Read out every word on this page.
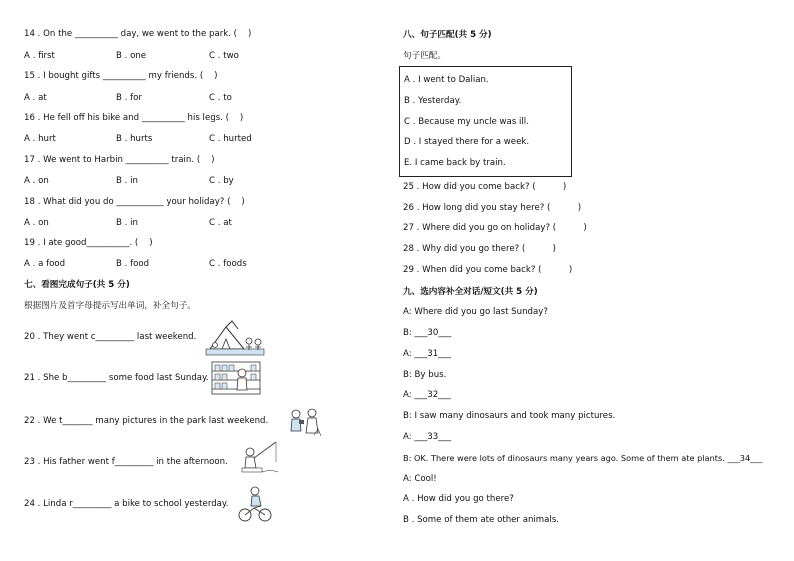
14 . On the __________ day, we went to the park. (    )
A . first	B . one	C . two
15 . I bought gifts __________ my friends. (    )
A . at	B . for	C . to
16 . He fell off his bike and __________ his legs. (    )
A . hurt	B . hurts	C . hurted
17 . We went to Harbin __________ train. (    )
A . on	B . in	C . by
18 . What did you do ___________ your holiday? (    )
A . on	B . in	C . at
19 . I ate good__________. (    )
A . a food	B . food	C . foods
七、看图完成句子(共 5 分)
根据图片及首字母提示写出单词，补全句子。
20 . They went c_________ last weekend.
21 . She b_________ some food last Sunday.
22 . We t_______ many pictures in the park last weekend.
23 . His father went f_________ in the afternoon.
24 . Linda r_________ a bike to school yesterday.
八、句子匹配(共 5 分)
句子匹配。
A . I went to Dalian.
B . Yesterday.
C . Because my uncle was ill.
D . I stayed there for a week.
E. I came back by train.
25 . How did you come back? (          )
26 . How long did you stay here? (          )
27 . Where did you go on holiday? (          )
28 . Why did you go there? (          )
29 . When did you come back? (          )
九、选内容补全对话/短文(共 5 分)
A: Where did you go last Sunday?
B: ___30___
A: ___31___
B: By bus.
A: ___32___
B: I saw many dinosaurs and took many pictures.
A: ___33___
B: OK. There were lots of dinosaurs many years ago. Some of them ate plants. ___34___
A: Cool!
A . How did you go there?
B . Some of them ate other animals.
